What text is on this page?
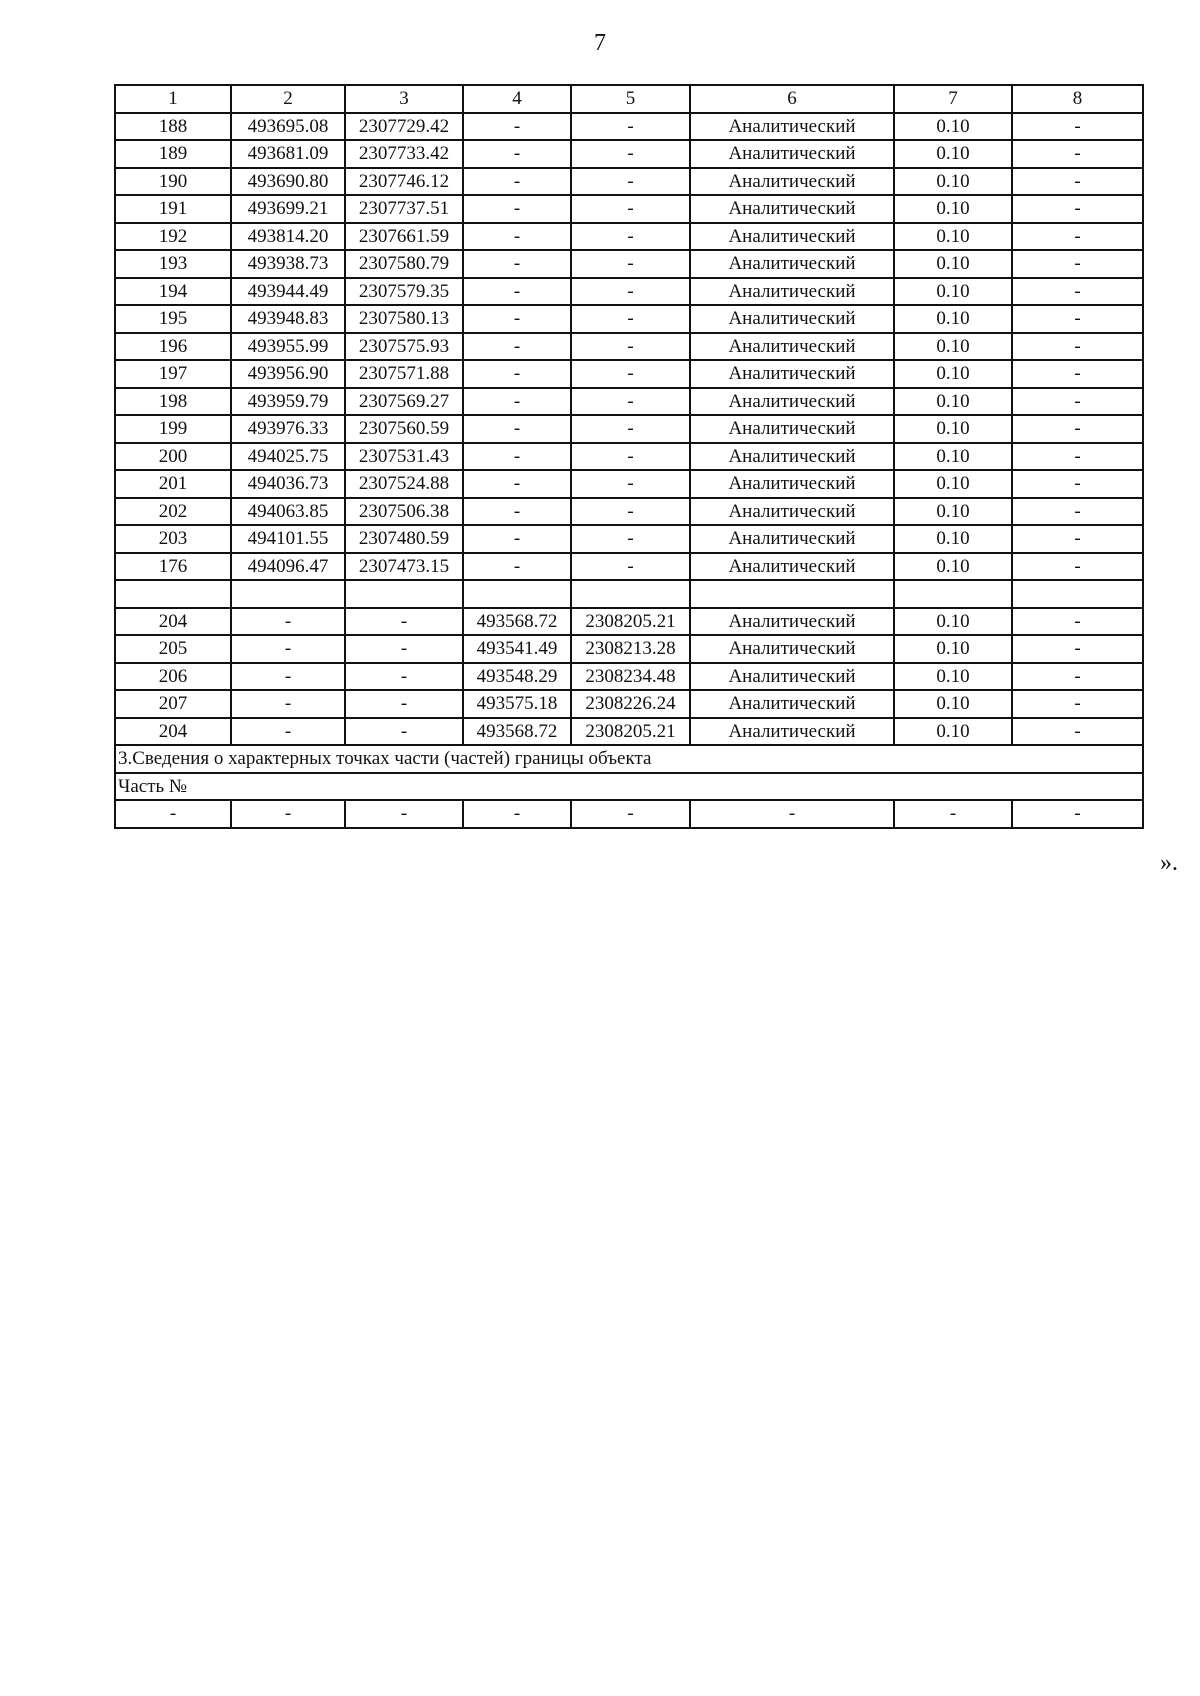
7
1	2	3	4	5	6	7	8
188	493695.08	2307729.42	-	-	Аналитический	0.10	-
189	493681.09	2307733.42	-	-	Аналитический	0.10	-
190	493690.80	2307746.12	-	-	Аналитический	0.10	-
191	493699.21	2307737.51	-	-	Аналитический	0.10	-
192	493814.20	2307661.59	-	-	Аналитический	0.10	-
193	493938.73	2307580.79	-	-	Аналитический	0.10	-
194	493944.49	2307579.35	-	-	Аналитический	0.10	-
195	493948.83	2307580.13	-	-	Аналитический	0.10	-
196	493955.99	2307575.93	-	-	Аналитический	0.10	-
197	493956.90	2307571.88	-	-	Аналитический	0.10	-
198	493959.79	2307569.27	-	-	Аналитический	0.10	-
199	493976.33	2307560.59	-	-	Аналитический	0.10	-
200	494025.75	2307531.43	-	-	Аналитический	0.10	-
201	494036.73	2307524.88	-	-	Аналитический	0.10	-
202	494063.85	2307506.38	-	-	Аналитический	0.10	-
203	494101.55	2307480.59	-	-	Аналитический	0.10	-
176	494096.47	2307473.15	-	-	Аналитический	0.10	-

204	-	-	493568.72	2308205.21	Аналитический	0.10	-
205	-	-	493541.49	2308213.28	Аналитический	0.10	-
206	-	-	493548.29	2308234.48	Аналитический	0.10	-
207	-	-	493575.18	2308226.24	Аналитический	0.10	-
204	-	-	493568.72	2308205.21	Аналитический	0.10	-
3.Сведения о характерных точках части (частей) границы объекта							
Часть №							
-	-	-	-	-	-	-	-
».
